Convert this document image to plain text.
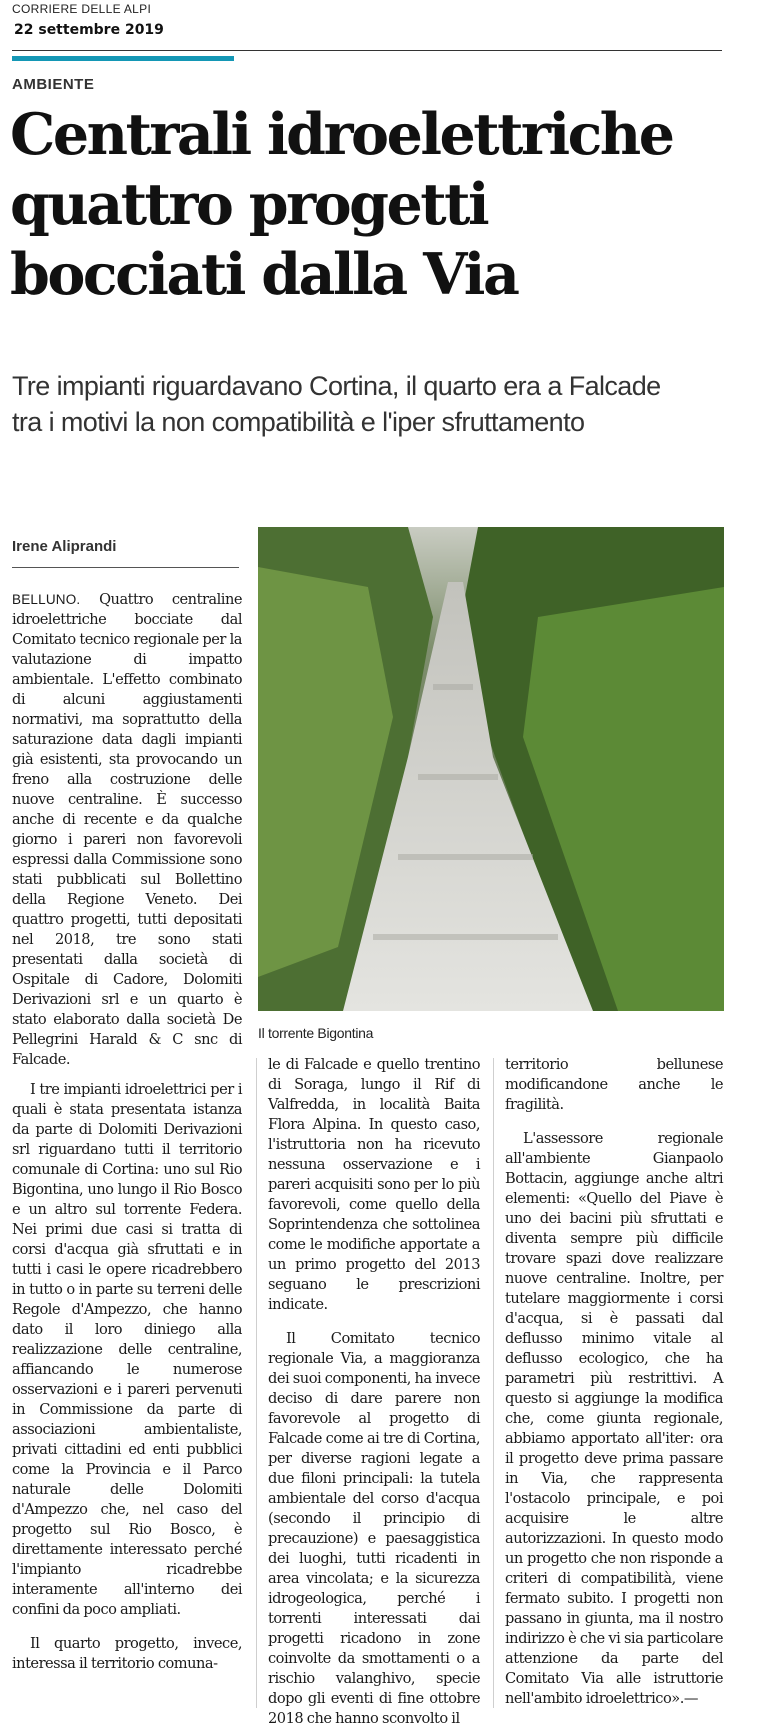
CORRIERE DELLE ALPI
22 settembre 2019
AMBIENTE
Centrali idroelettriche
quattro progetti
bocciati dalla Via
Tre impianti riguardavano Cortina, il quarto era a Falcade
tra i motivi la non compatibilità e l'iper sfruttamento
Irene Aliprandi

BELLUNO. Quattro centraline idroelettriche bocciate dal Comitato tecnico regionale per la valutazione di impatto ambientale. L'effetto combinato di alcuni aggiustamenti normativi, ma soprattutto della saturazione data dagli impianti già esistenti, sta provocando un freno alla costruzione delle nuove centraline. È successo anche di recente e da qualche giorno i pareri non favorevoli espressi dalla Commissione sono stati pubblicati sul Bollettino della Regione Veneto. Dei quattro progetti, tutti depositati nel 2018, tre sono stati presentati dalla società di Ospitale di Cadore, Dolomiti Derivazioni srl e un quarto è stato elaborato dalla società De Pellegrini Harald & C snc di Falcade.

Il torrente Bigontina

I tre impianti idroelettrici per i quali è stata presentata istanza da parte di Dolomiti Derivazioni srl riguardano tutti il territorio comunale di Cortina: uno sul Rio Bigontina, uno lungo il Rio Bosco e un altro sul torrente Federa. Nei primi due casi si tratta di corsi d'acqua già sfruttati e in tutti i casi le opere ricadrebbero in tutto o in parte su terreni delle Regole d'Ampezzo, che hanno dato il loro diniego alla realizzazione delle centraline, affiancando le numerose osservazioni e i pareri pervenuti in Commissione da parte di associazioni ambientaliste, privati cittadini ed enti pubblici come la Provincia e il Parco naturale delle Dolomiti d'Ampezzo che, nel caso del progetto sul Rio Bosco, è direttamente interessato perché l'impianto ricadrebbe interamente all'interno dei confini da poco ampliati.

Il quarto progetto, invece, interessa il territorio comuna-

le di Falcade e quello trentino di Soraga, lungo il Rif di Valfredda, in località Baita Flora Alpina. In questo caso, l'istruttoria non ha ricevuto nessuna osservazione e i pareri acquisiti sono per lo più favorevoli, come quello della Soprintendenza che sottolinea come le modifiche apportate a un primo progetto del 2013 seguano le prescrizioni indicate.

Il Comitato tecnico regionale Via, a maggioranza dei suoi componenti, ha invece deciso di dare parere non favorevole al progetto di Falcade come ai tre di Cortina, per diverse ragioni legate a due filoni principali: la tutela ambientale del corso d'acqua (secondo il principio di precauzione) e paesaggistica dei luoghi, tutti ricadenti in area vincolata; e la sicurezza idrogeologica, perché i torrenti interessati dai progetti ricadono in zone coinvolte da smottamenti o a rischio valanghivo, specie dopo gli eventi di fine ottobre 2018 che hanno sconvolto il

territorio bellunese modificandone anche le fragilità.

L'assessore regionale all'ambiente Gianpaolo Bottacin, aggiunge anche altri elementi: «Quello del Piave è uno dei bacini più sfruttati e diventa sempre più difficile trovare spazi dove realizzare nuove centraline. Inoltre, per tutelare maggiormente i corsi d'acqua, si è passati dal deflusso minimo vitale al deflusso ecologico, che ha parametri più restrittivi. A questo si aggiunge la modifica che, come giunta regionale, abbiamo apportato all'iter: ora il progetto deve prima passare in Via, che rappresenta l'ostacolo principale, e poi acquisire le altre autorizzazioni. In questo modo un progetto che non risponde a criteri di compatibilità, viene fermato subito. I progetti non passano in giunta, ma il nostro indirizzo è che vi sia particolare attenzione da parte del Comitato Via alle istruttorie nell'ambito idroelettrico».—
